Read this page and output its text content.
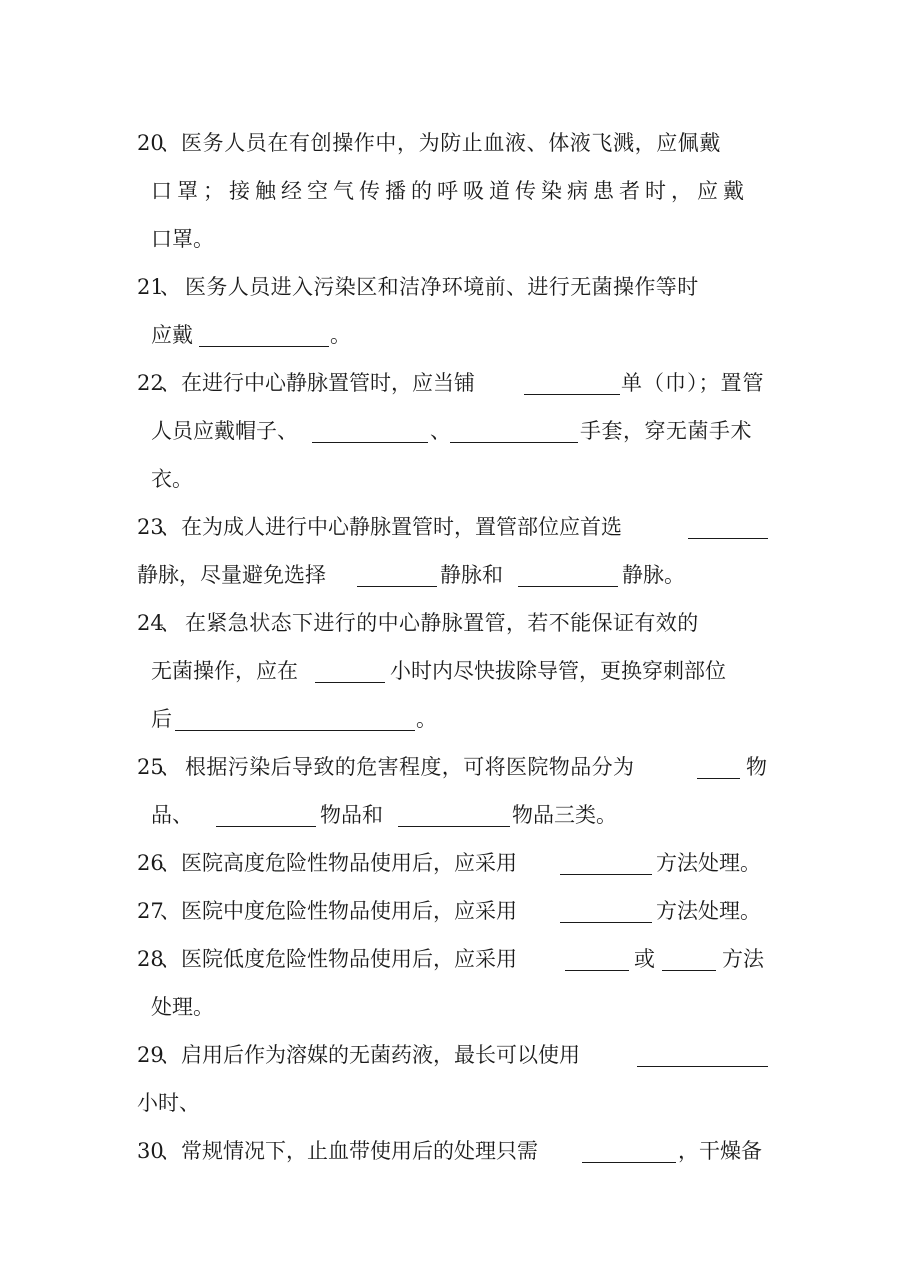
20
、 医务人员在有创操作中，为防止血液、体液飞溅，应佩戴
口罩；接触经空气传播的呼吸道传染病患者时，应戴
口罩。
21
、 医务人员进入污染区和洁净环境前、进行无菌操作等时
应戴	。
22
、 在进行中心静脉置管时，应当铺	单（巾）；置管
人员应戴帽子、	、	手套，穿无菌手术
衣。
23
、 在为成人进行中心静脉置管时，置管部位应首选
静脉，尽量避免选择	静脉和	静脉。
24
、 在紧急状态下进行的中心静脉置管，若不能保证有效的
无菌操作，应在	小时内尽快拔除导管，更换穿刺部位
后	。
25
、 根据污染后导致的危害程度，可将医院物品分为	物
品、	物品和	物品三类。
26
、 医院高度危险性物品使用后，应采用	方法处理。
27
、 医院中度危险性物品使用后，应采用	方法处理。
28
、 医院低度危险性物品使用后，应采用	或	方法
处理。
29
、 启用后作为溶媒的无菌药液，最长可以使用
小时、
30
、 常规情况下，止血带使用后的处理只需	，干燥备
